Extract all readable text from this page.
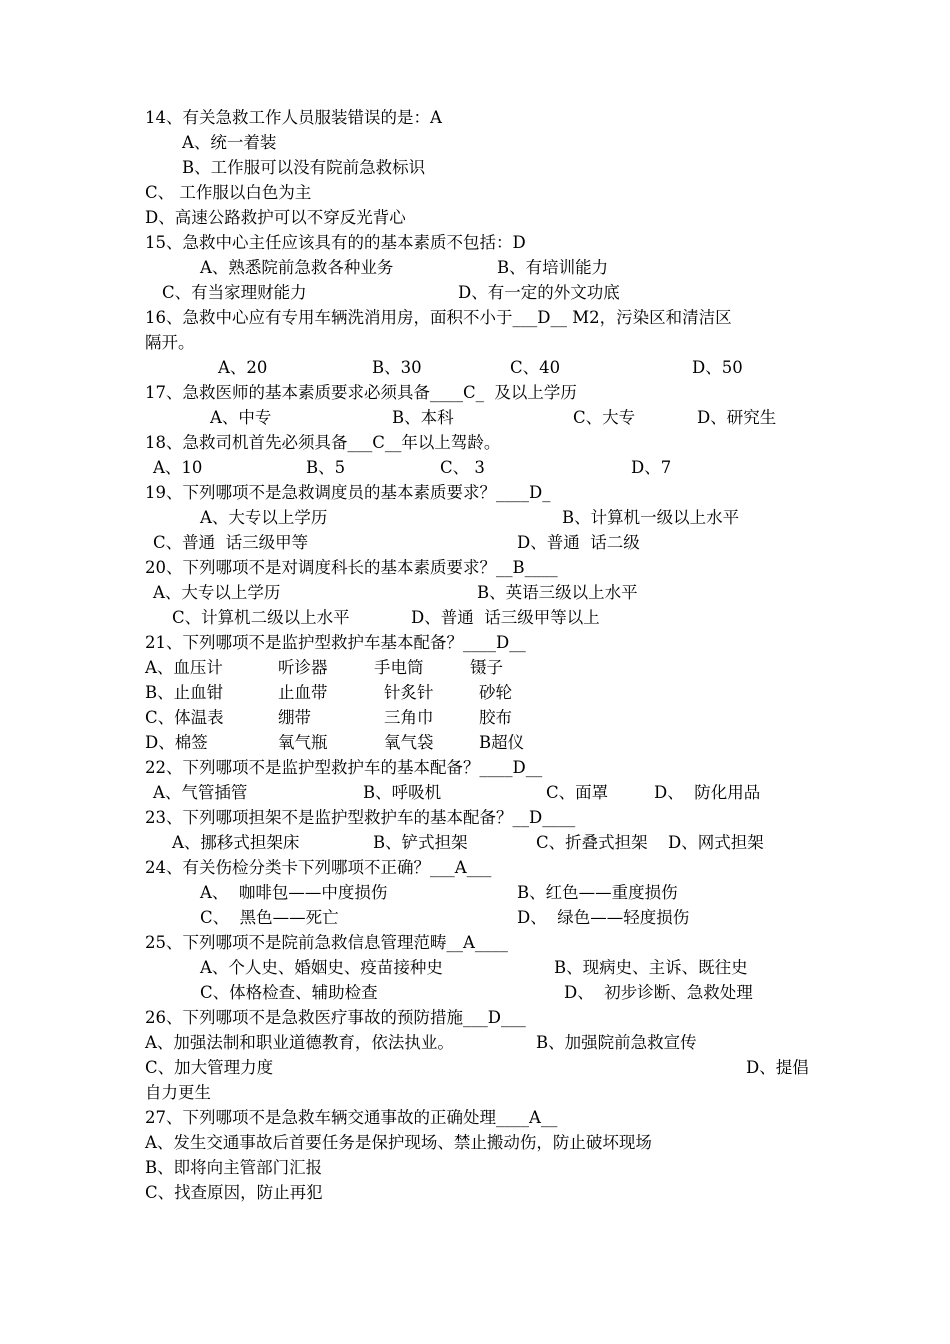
14、有关急救工作人员服装错误的是：A
A、统一着装
B、工作服可以没有院前急救标识
C、 工作服以白色为主
D、高速公路救护可以不穿反光背心
15、急救中心主任应该具有的的基本素质不包括：D
A、熟悉院前急救各种业务	B、有培训能力
C、有当家理财能力	D、有一定的外文功底
16、急救中心应有专用车辆洗消用房，面积不小于___D__ M2，污染区和清洁区
隔开。
A、20	B、30	C、40	D、50
17、急救医师的基本素质要求必须具备____C_  及以上学历
A、中专	B、本科	C、大专	D、研究生
18、急救司机首先必须具备___C__年以上驾龄。
A、10	B、5	C、 3	D、7
19、下列哪项不是急救调度员的基本素质要求？____D_
A、大专以上学历	B、计算机一级以上水平
C、普通  话三级甲等	D、普通  话二级
20、下列哪项不是对调度科长的基本素质要求？__B____
A、大专以上学历	B、英语三级以上水平
C、计算机二级以上水平	D、普通  话三级甲等以上
21、下列哪项不是监护型救护车基本配备？____D__
A、血压计	听诊器	手电筒	镊子
B、止血钳	止血带	针炙针	砂轮
C、体温表	绷带	三角巾	胶布
D、棉签	氧气瓶	氧气袋	B超仪
22、下列哪项不是监护型救护车的基本配备？____D__
A、气管插管	B、呼吸机	C、面罩	D、  防化用品
23、下列哪项担架不是监护型救护车的基本配备？__D____
A、挪移式担架床	B、铲式担架	C、折叠式担架 D、网式担架
24、有关伤检分类卡下列哪项不正确？___A___
A、  咖啡包——中度损伤	B、红色——重度损伤
C、  黑色——死亡	D、  绿色——轻度损伤
25、下列哪项不是院前急救信息管理范畴__A____
A、个人史、婚姻史、疫苗接种史	B、现病史、主诉、既往史
C、体格检查、辅助检查	D、  初步诊断、急救处理
26、下列哪项不是急救医疗事故的预防措施___D___
A、加强法制和职业道德教育，依法执业。	B、加强院前急救宣传
C、加大管理力度	D、提倡
自力更生
27、下列哪项不是急救车辆交通事故的正确处理____A__
A、发生交通事故后首要任务是保护现场、禁止搬动伤，防止破坏现场
B、即将向主管部门汇报
C、找查原因，防止再犯
